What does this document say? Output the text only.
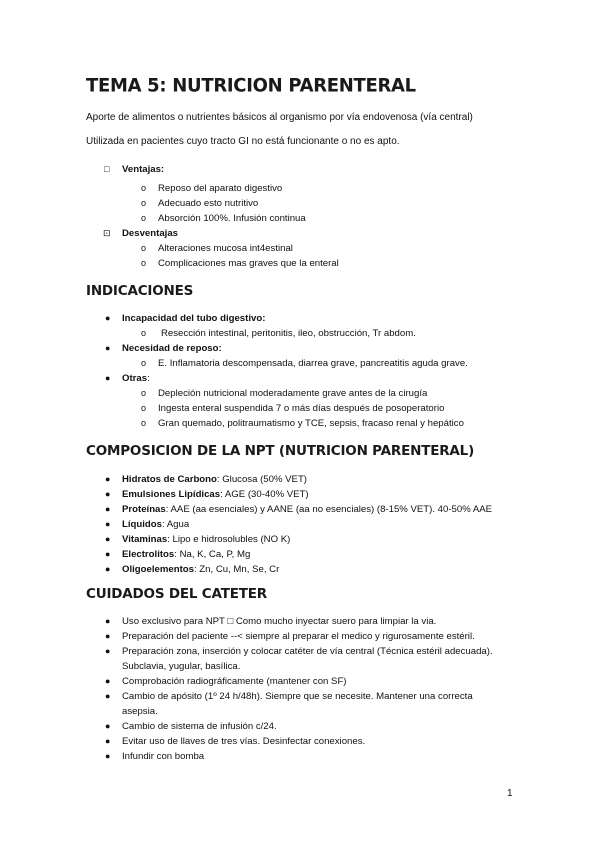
TEMA 5: NUTRICION PARENTERAL
Aporte de alimentos o nutrientes básicos al organismo por vía endovenosa (vía central)
Utilizada en pacientes cuyo tracto GI no está funcionante o no es apto.
□ Ventajas:
o Reposo del aparato digestivo
o Adecuado esto nutritivo
o Absorción 100%. Infusión continua
⊡ Desventajas
o Alteraciones mucosa int4estinal
o Complicaciones mas graves que la enteral
INDICACIONES
● Incapacidad del tubo digestivo:
o Resección intestinal, peritonitis, ileo, obstrucción, Tr abdom.
● Necesidad de reposo:
o E. Inflamatoria descompensada, diarrea grave, pancreatitis aguda grave.
● Otras:
o Depleción nutricional moderadamente grave antes de la cirugía
o Ingesta enteral suspendida 7 o más días después de posoperatorio
o Gran quemado, politraumatismo y TCE, sepsis, fracaso renal y hepático
COMPOSICION DE LA NPT (NUTRICION PARENTERAL)
● Hidratos de Carbono: Glucosa (50% VET)
● Emulsiones Lipídicas: AGE (30-40% VET)
● Proteínas: AAE (aa esenciales) y AANE (aa no esenciales) (8-15% VET). 40-50% AAE
● Líquidos: Agua
● Vitaminas: Lipo e hidrosolubles (NO K)
● Electrolitos: Na, K, Ca, P, Mg
● Oligoelementos: Zn, Cu, Mn, Se, Cr
CUIDADOS DEL CATETER
● Uso exclusivo para NPT □ Como mucho inyectar suero para limpiar la via.
● Preparación del paciente --< siempre al preparar el medico y rigurosamente estéril.
● Preparación zona, inserción y colocar catéter de vía central (Técnica estéril adecuada).
Subclavia, yugular, basílica.
● Comprobación radiográficamente (mantener con SF)
● Cambio de apósito (1º 24 h/48h). Siempre que se necesite. Mantener una correcta
asepsia.
● Cambio de sistema de infusión c/24.
● Evitar uso de llaves de tres vías. Desinfectar conexiones.
● Infundir con bomba
1
